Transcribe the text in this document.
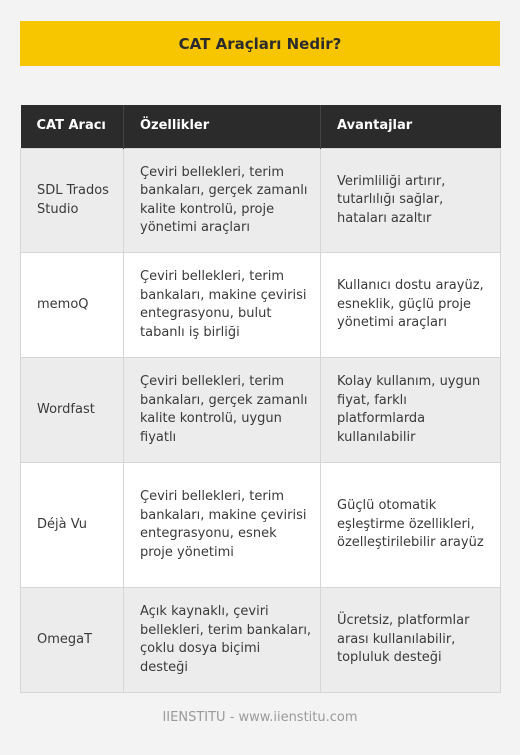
CAT Araçları Nedir?
CAT Aracı	Özellikler	Avantajlar
SDL Trados Studio	Çeviri bellekleri, terim bankaları, gerçek zamanlı kalite kontrolü, proje yönetimi araçları	Verimliliği artırır, tutarlılığı sağlar, hataları azaltır
memoQ	Çeviri bellekleri, terim bankaları, makine çevirisi entegrasyonu, bulut tabanlı iş birliği	Kullanıcı dostu arayüz, esneklik, güçlü proje yönetimi araçları
Wordfast	Çeviri bellekleri, terim bankaları, gerçek zamanlı kalite kontrolü, uygun fiyatlı	Kolay kullanım, uygun fiyat, farklı platformlarda kullanılabilir
Déjà Vu	Çeviri bellekleri, terim bankaları, makine çevirisi entegrasyonu, esnek proje yönetimi	Güçlü otomatik eşleştirme özellikleri, özelleştirilebilir arayüz
OmegaT	Açık kaynaklı, çeviri bellekleri, terim bankaları, çoklu dosya biçimi desteği	Ücretsiz, platformlar arası kullanılabilir, topluluk desteği
IIENSTITU - www.iienstitu.com
